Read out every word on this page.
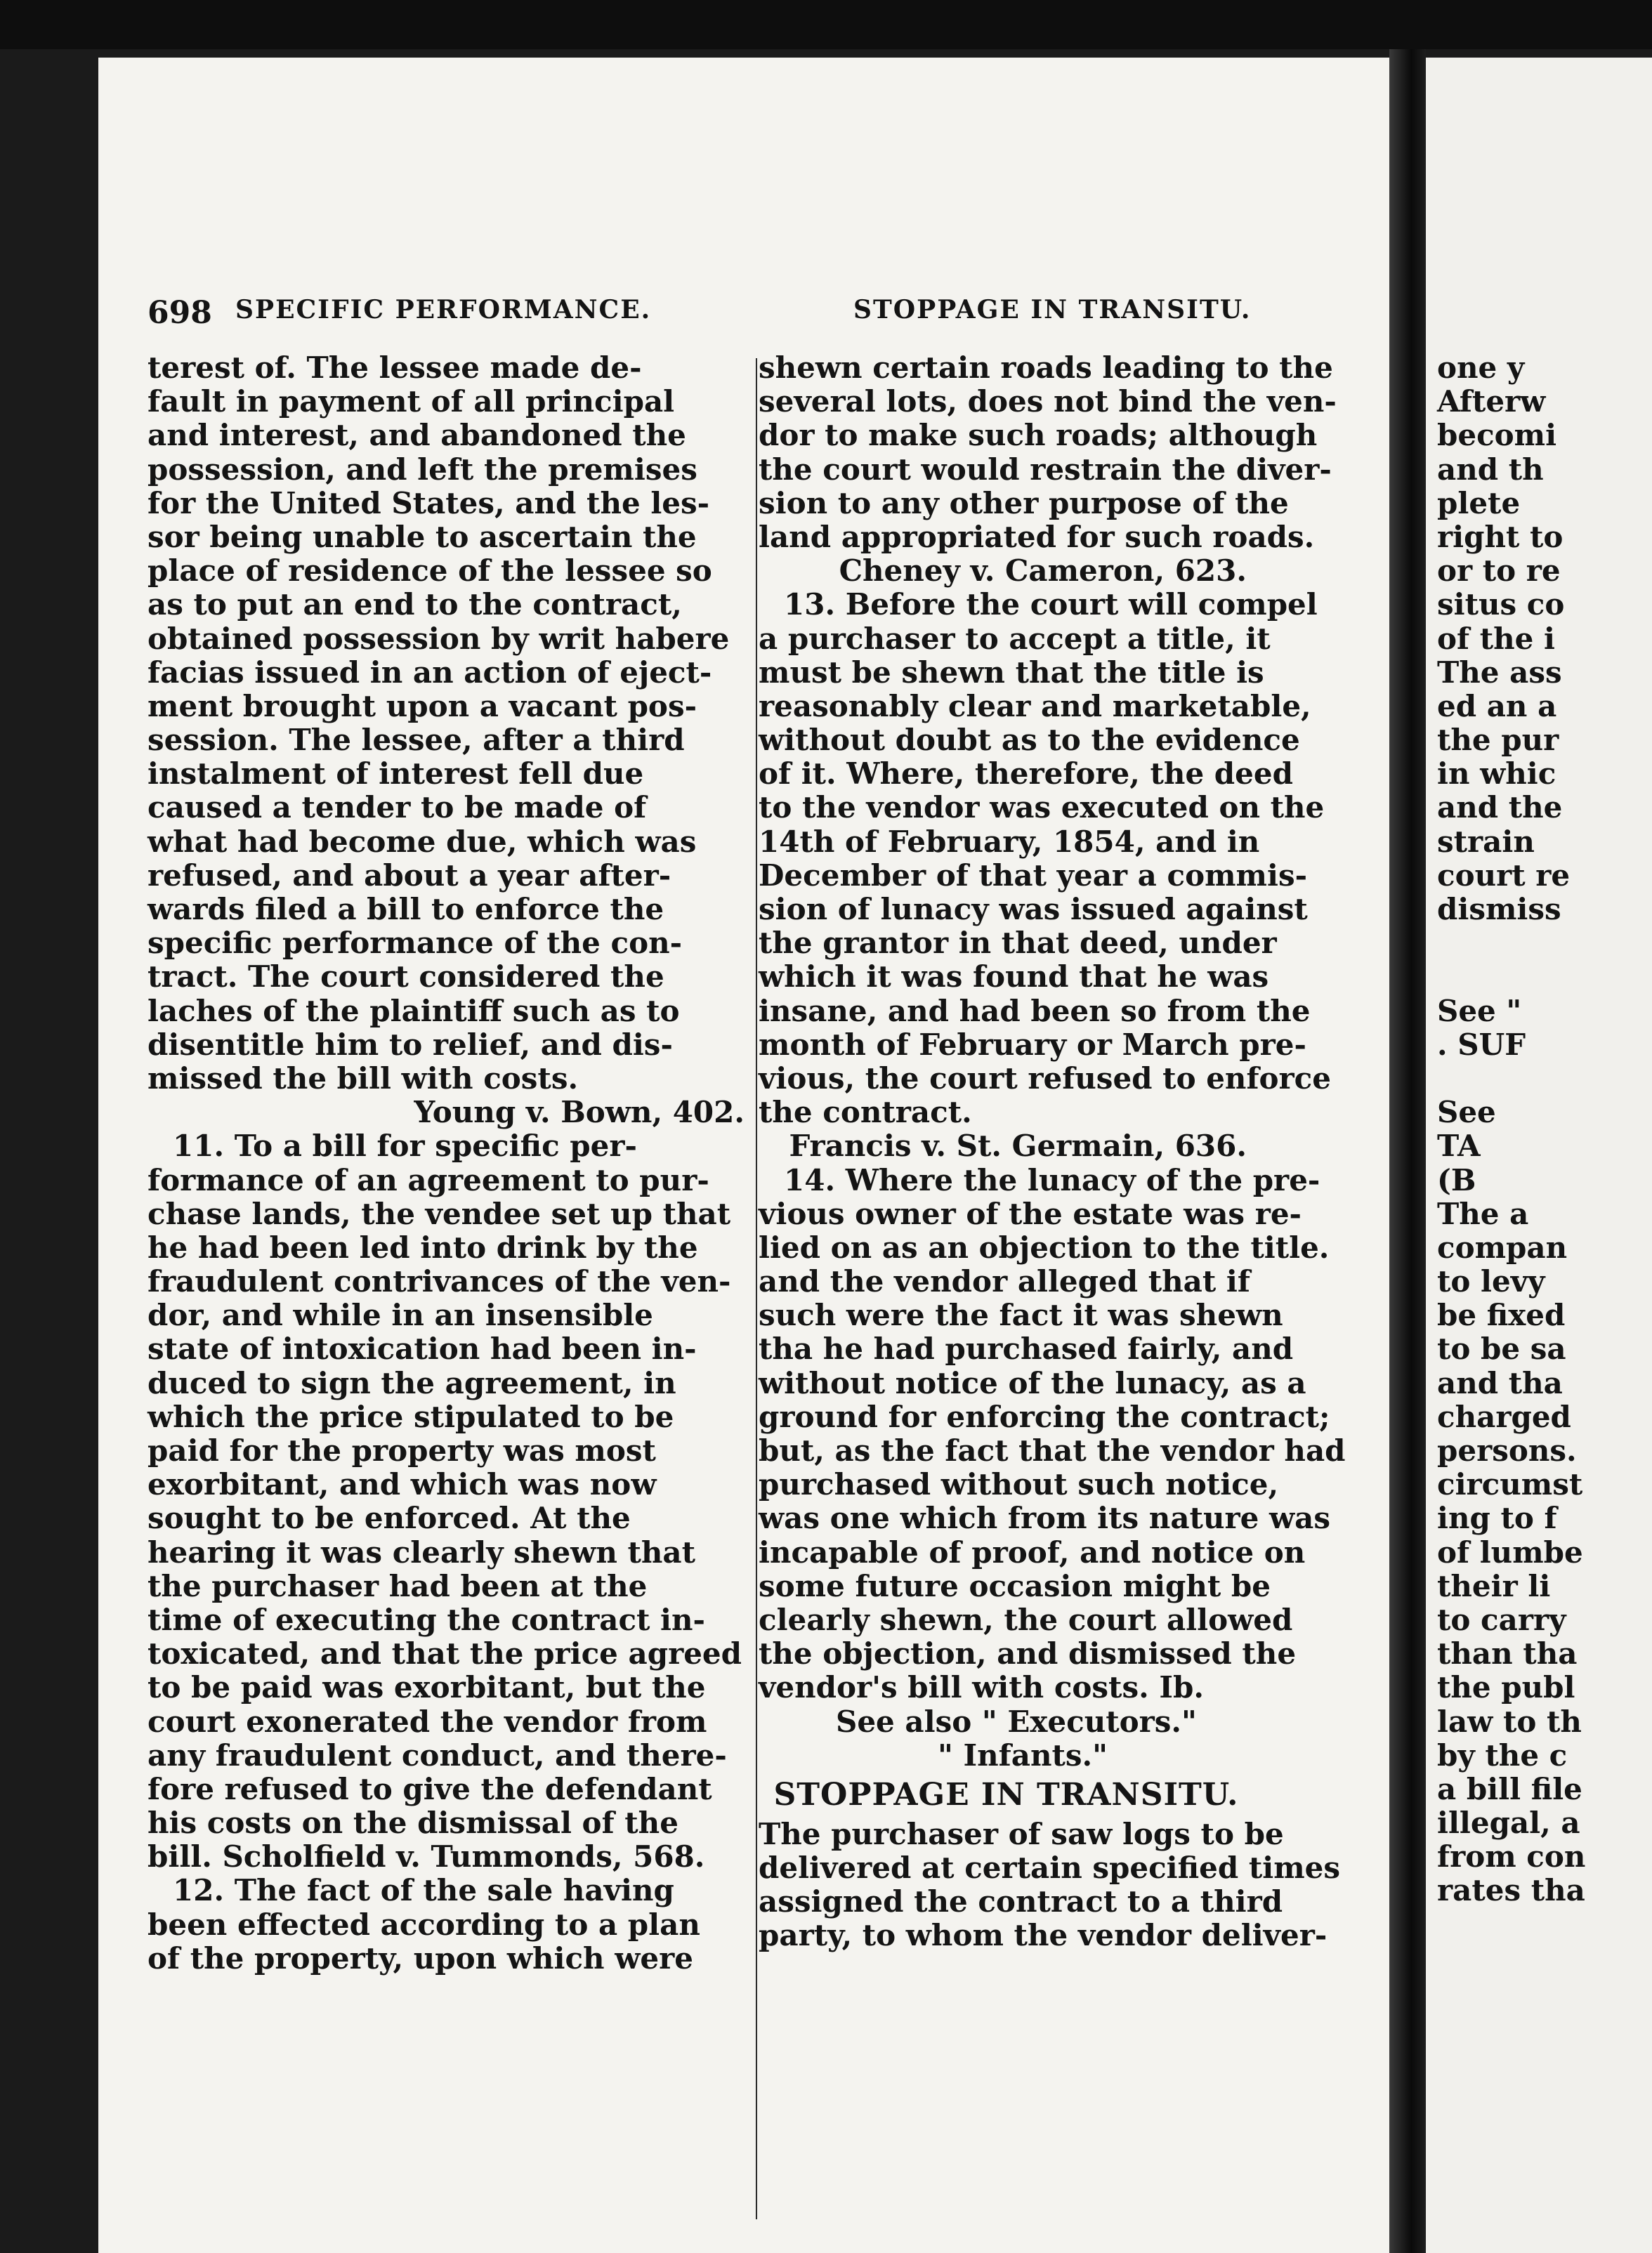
698 SPECIFIC PERFORMANCE.	STOPPAGE IN TRANSITU.
terest of. The lessee made de-
fault in payment of all principal
and interest, and abandoned the
possession, and left the premises
for the United States, and the les-
sor being unable to ascertain the
place of residence of the lessee so
as to put an end to the contract,
obtained possession by writ habere
facias issued in an action of eject-
ment brought upon a vacant pos-
session. The lessee, after a third
instalment of interest fell due
caused a tender to be made of
what had become due, which was
refused, and about a year after-
wards filed a bill to enforce the
specific performance of the con-
tract. The court considered the
laches of the plaintiff such as to
disentitle him to relief, and dis-
missed the bill with costs.
Young v. Bown, 402.
11. To a bill for specific per-
formance of an agreement to pur-
chase lands, the vendee set up that
he had been led into drink by the
fraudulent contrivances of the ven-
dor, and while in an insensible
state of intoxication had been in-
duced to sign the agreement, in
which the price stipulated to be
paid for the property was most
exorbitant, and which was now
sought to be enforced. At the
hearing it was clearly shewn that
the purchaser had been at the
time of executing the contract in-
toxicated, and that the price agreed
to be paid was exorbitant, but the
court exonerated the vendor from
any fraudulent conduct, and there-
fore refused to give the defendant
his costs on the dismissal of the
bill. Scholfield v. Tummonds, 568.
12. The fact of the sale having
been effected according to a plan
of the property, upon which were
shewn certain roads leading to the
several lots, does not bind the ven-
dor to make such roads; although
the court would restrain the diver-
sion to any other purpose of the
land appropriated for such roads.
Cheney v. Cameron, 623.
13. Before the court will compel
a purchaser to accept a title, it
must be shewn that the title is
reasonably clear and marketable,
without doubt as to the evidence
of it. Where, therefore, the deed
to the vendor was executed on the
14th of February, 1854, and in
December of that year a commis-
sion of lunacy was issued against
the grantor in that deed, under
which it was found that he was
insane, and had been so from the
month of February or March pre-
vious, the court refused to enforce
the contract.
Francis v. St. Germain, 636.
14. Where the lunacy of the pre-
vious owner of the estate was re-
lied on as an objection to the title.
and the vendor alleged that if
such were the fact it was shewn
tha he had purchased fairly, and
without notice of the lunacy, as a
ground for enforcing the contract;
but, as the fact that the vendor had
purchased without such notice,
was one which from its nature was
incapable of proof, and notice on
some future occasion might be
clearly shewn, the court allowed
the objection, and dismissed the
vendor's bill with costs. Ib.
See also " Executors."
" Infants."
STOPPAGE IN TRANSITU.
The purchaser of saw logs to be
delivered at certain specified times
assigned the contract to a third
party, to whom the vendor deliver-
one y
Afterw
becomi
and th
plete
right to
or to re
situs co
of the i
The ass
ed an a
the pur
in whic
and the
strain
court re
dismiss
See "
. SUF
See
TA
(B
The a
compan
to levy
be fixed
to be sa
and tha
charged
persons.
circumst
ing to f
of lumbe
their li
to carry
than tha
the publ
law to th
by the c
a bill file
illegal, a
from con
rates tha
